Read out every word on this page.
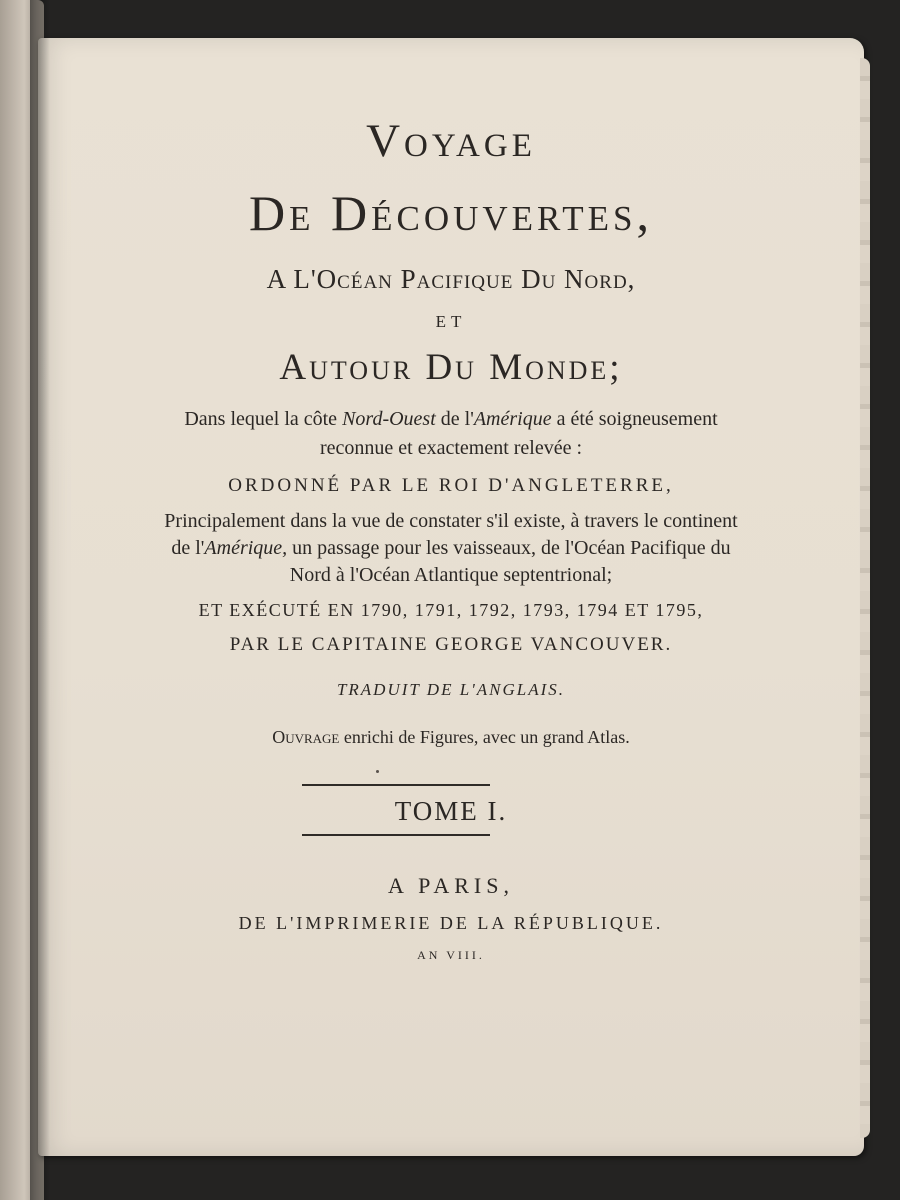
Voyage
De Découvertes,
A L'Océan Pacifique Du Nord,
ET
Autour Du Monde;
Dans lequel la côte Nord-Ouest de l'Amérique a été soigneusement
reconnue et exactement relevée :
ORDONNÉ PAR LE ROI D'ANGLETERRE,
Principalement dans la vue de constater s'il existe, à travers le continent
de l'Amérique, un passage pour les vaisseaux, de l'Océan Pacifique du
Nord à l'Océan Atlantique septentrional;
ET EXÉCUTÉ EN 1790, 1791, 1792, 1793, 1794 ET 1795,
PAR LE CAPITAINE GEORGE VANCOUVER.
TRADUIT DE L'ANGLAIS.
Ouvrage enrichi de Figures, avec un grand Atlas.
TOME I.
A PARIS,
DE L'IMPRIMERIE DE LA RÉPUBLIQUE.
AN VIII.
